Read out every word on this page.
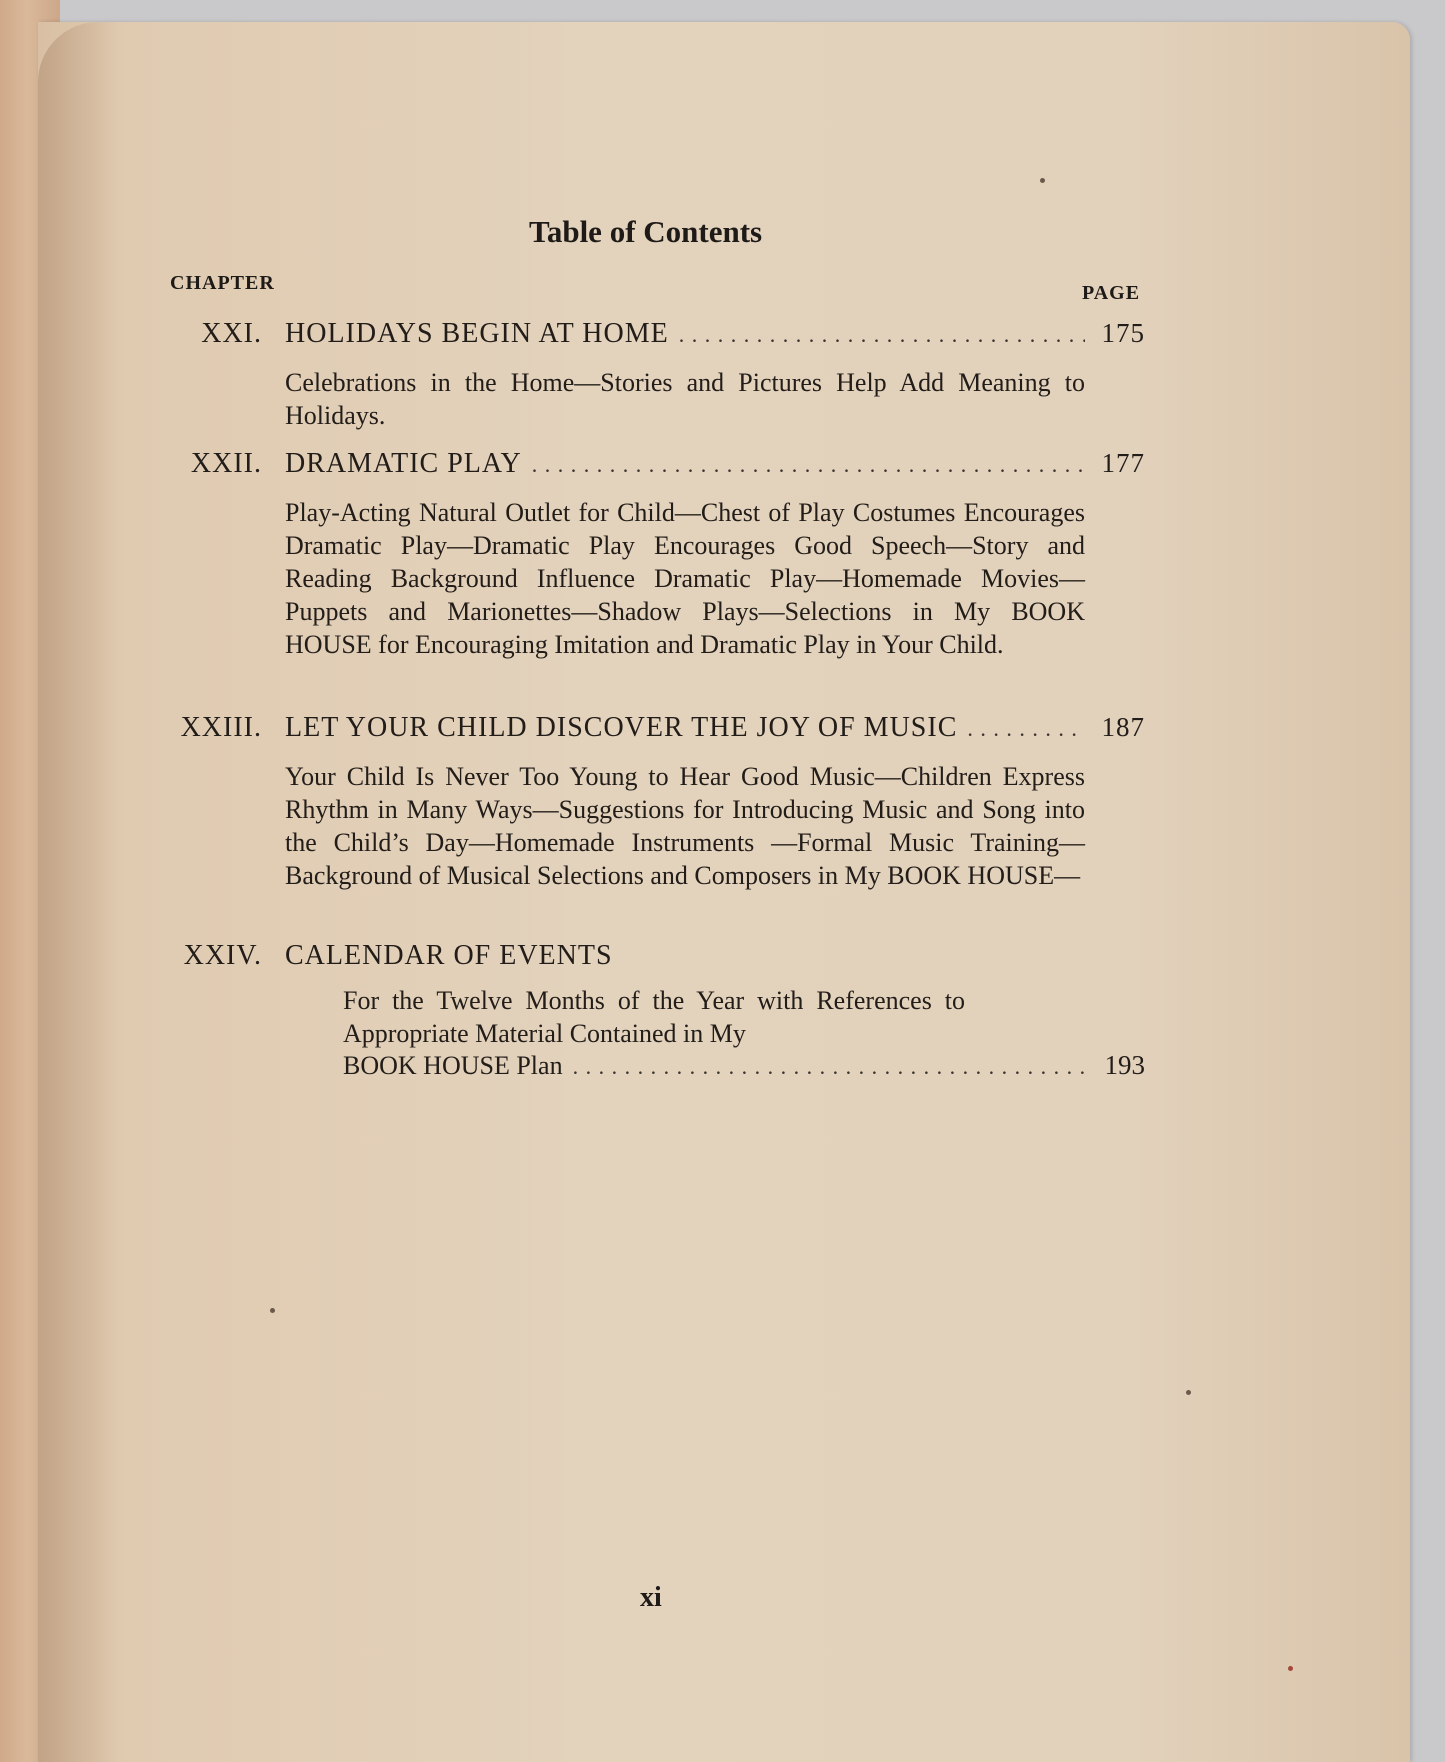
Table of Contents
CHAPTER	PAGE
XXI. HOLIDAYS BEGIN AT HOME . . .	175
Celebrations in the Home—Stories and Pictures Help Add Meaning to Holidays.
XXII. DRAMATIC PLAY . . .	177
Play-Acting Natural Outlet for Child—Chest of Play Costumes Encourages Dramatic Play—Dramatic Play Encourages Good Speech—Story and Reading Background Influence Dramatic Play—Homemade Movies—Puppets and Marionettes—Shadow Plays—Selections in My BOOK HOUSE for Encouraging Imitation and Dramatic Play in Your Child.
XXIII. LET YOUR CHILD DISCOVER THE JOY OF MUSIC . . .	187
Your Child Is Never Too Young to Hear Good Music—Children Express Rhythm in Many Ways—Suggestions for Introducing Music and Song into the Child’s Day—Homemade Instruments —Formal Music Training—Background of Musical Selections and Composers in My BOOK HOUSE—
XXIV. CALENDAR OF EVENTS
For the Twelve Months of the Year with References to Appropriate Material Contained in My
BOOK HOUSE Plan . . .	193
xi
